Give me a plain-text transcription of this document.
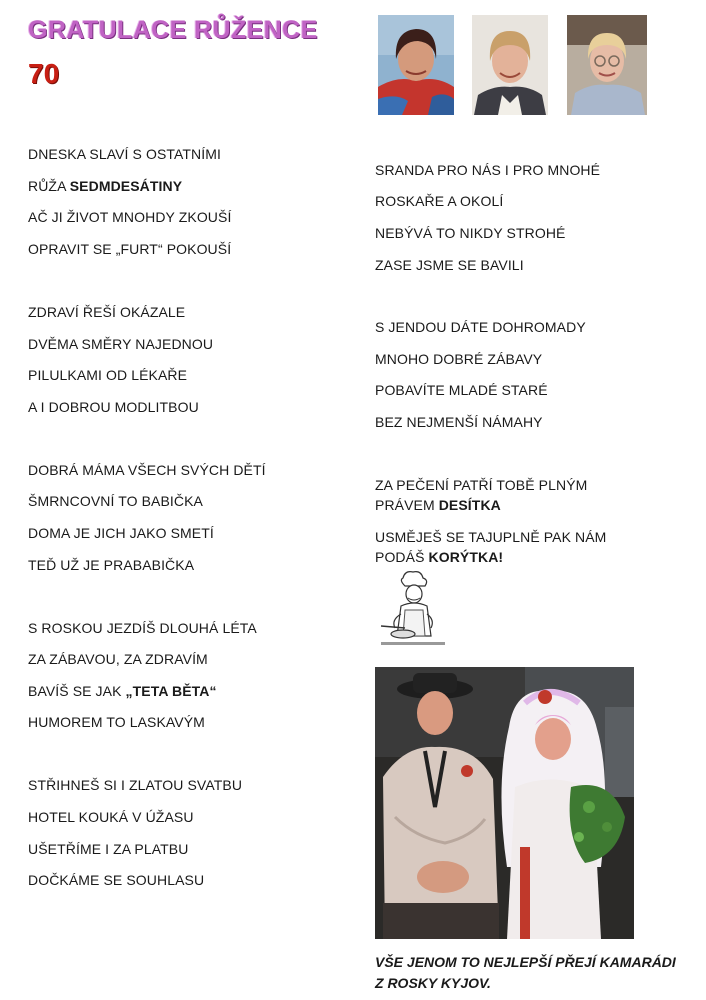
GRATULACE RŮŽENCE
70

DNESKA SLAVÍ S OSTATNÍMI

RŮŽA SEDMDESÁTINY

AČ JI ŽIVOT MNOHDY ZKOUŠÍ

OPRAVIT SE „FURT“ POKOUŠÍ

ZDRAVÍ ŘEŠÍ OKÁZALE

DVĚMA SMĚRY NAJEDNOU

PILULKAMI OD LÉKAŘE

A I DOBROU MODLITBOU

DOBRÁ MÁMA VŠECH SVÝCH DĚTÍ

ŠMRNCOVNÍ TO BABIČKA

DOMA JE JICH JAKO SMETÍ

TEĎ UŽ JE PRABABIČKA

S ROSKOU JEZDÍŠ DLOUHÁ LÉTA

ZA ZÁBAVOU, ZA ZDRAVÍM

BAVÍŠ SE JAK „TETA BĚTA“

HUMOREM TO LASKAVÝM

STŘIHNEŠ SI I ZLATOU SVATBU

HOTEL KOUKÁ V ÚŽASU

UŠETŘÍME I ZA PLATBU

DOČKÁME SE SOUHLASU

SRANDA PRO NÁS I PRO MNOHÉ

ROSKAŘE A OKOLÍ

NEBÝVÁ TO NIKDY STROHÉ

ZASE JSME SE BAVILI

S JENDOU DÁTE DOHROMADY

MNOHO DOBRÉ ZÁBAVY

POBAVÍTE MLADÉ STARÉ

BEZ NEJMENŠÍ NÁMAHY

ZA PEČENÍ PATŘÍ TOBĚ PLNÝM

PRÁVEM DESÍTKA

USMĚJEŠ SE TAJUPLNĚ PAK NÁM

PODÁŠ KORÝTKA!

VŠE JENOM TO NEJLEPŠÍ PŘEJÍ KAMARÁDI
Z ROSKY KYJOV.
